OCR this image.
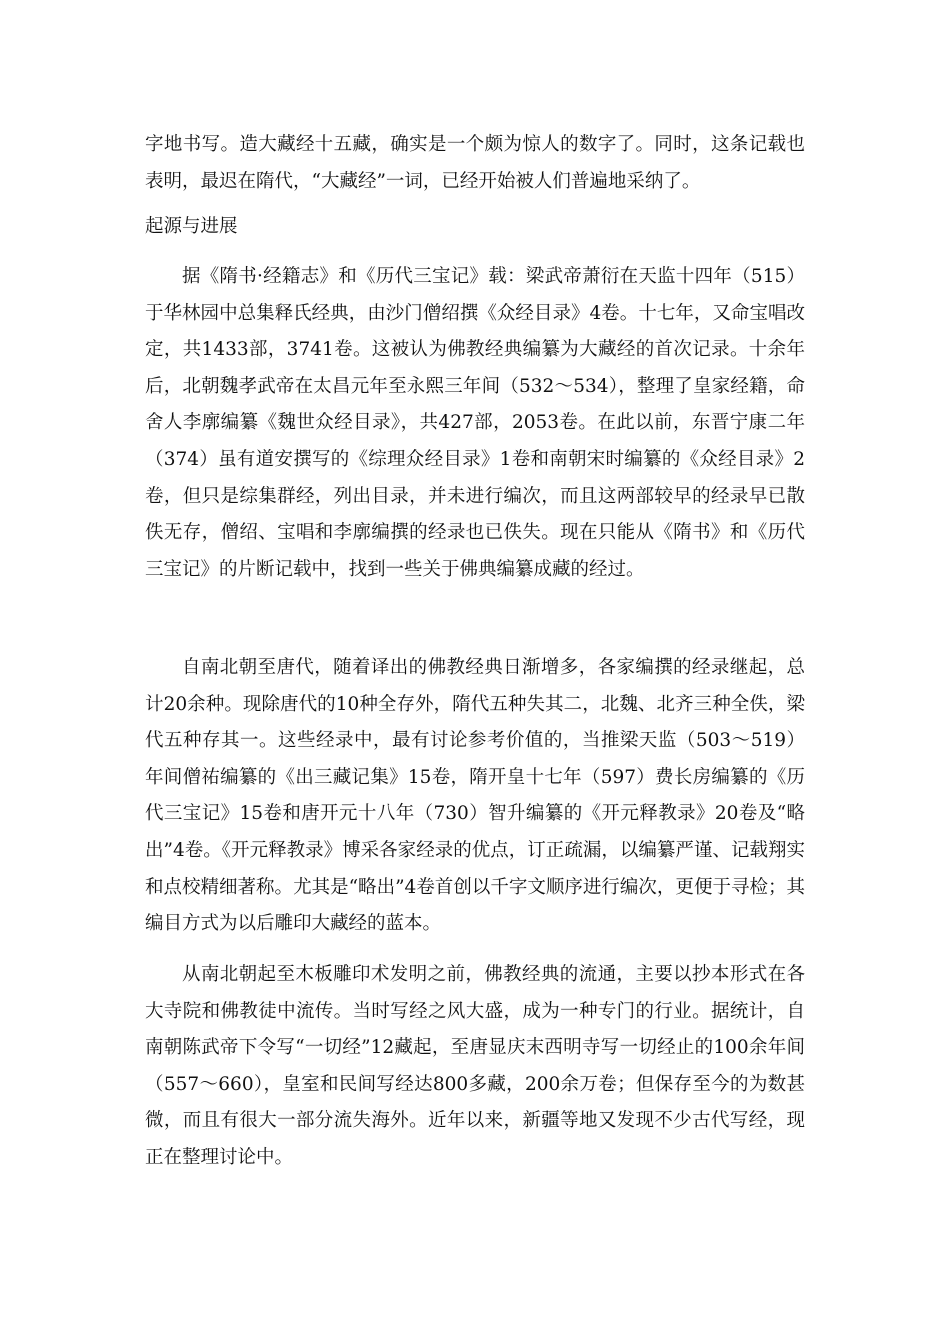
字地书写。造大藏经十五藏，确实是一个颇为惊人的数字了。同时，这条记载也表明，最迟在隋代，“大藏经”一词，已经开始被人们普遍地采纳了。

起源与进展

据《隋书·经籍志》和《历代三宝记》载：梁武帝萧衍在天监十四年（515）于华林园中总集释氏经典，由沙门僧绍撰《众经目录》4卷。十七年，又命宝唱改定，共1433部，3741卷。这被认为佛教经典编纂为大藏经的首次记录。十余年后，北朝魏孝武帝在太昌元年至永熙三年间（532～534），整理了皇家经籍，命舍人李廓编纂《魏世众经目录》，共427部，2053卷。在此以前，东晋宁康二年（374）虽有道安撰写的《综理众经目录》1卷和南朝宋时编纂的《众经目录》2卷，但只是综集群经，列出目录，并未进行编次，而且这两部较早的经录早已散佚无存，僧绍、宝唱和李廓编撰的经录也已佚失。现在只能从《隋书》和《历代三宝记》的片断记载中，找到一些关于佛典编纂成藏的经过。

自南北朝至唐代，随着译出的佛教经典日渐增多，各家编撰的经录继起，总计20余种。现除唐代的10种全存外，隋代五种失其二，北魏、北齐三种全佚，梁代五种存其一。这些经录中，最有讨论参考价值的，当推梁天监（503～519）年间僧祐编纂的《出三藏记集》15卷，隋开皇十七年（597）费长房编纂的《历代三宝记》15卷和唐开元十八年（730）智升编纂的《开元释教录》20卷及“略出”4卷。《开元释教录》博采各家经录的优点，订正疏漏，以编纂严谨、记载翔实和点校精细著称。尤其是“略出”4卷首创以千字文顺序进行编次，更便于寻检；其编目方式为以后雕印大藏经的蓝本。

从南北朝起至木板雕印术发明之前，佛教经典的流通，主要以抄本形式在各大寺院和佛教徒中流传。当时写经之风大盛，成为一种专门的行业。据统计，自南朝陈武帝下令写“一切经”12藏起，至唐显庆末西明寺写一切经止的100余年间（557～660），皇室和民间写经达800多藏，200余万卷；但保存至今的为数甚微，而且有很大一部分流失海外。近年以来，新疆等地又发现不少古代写经，现正在整理讨论中。
